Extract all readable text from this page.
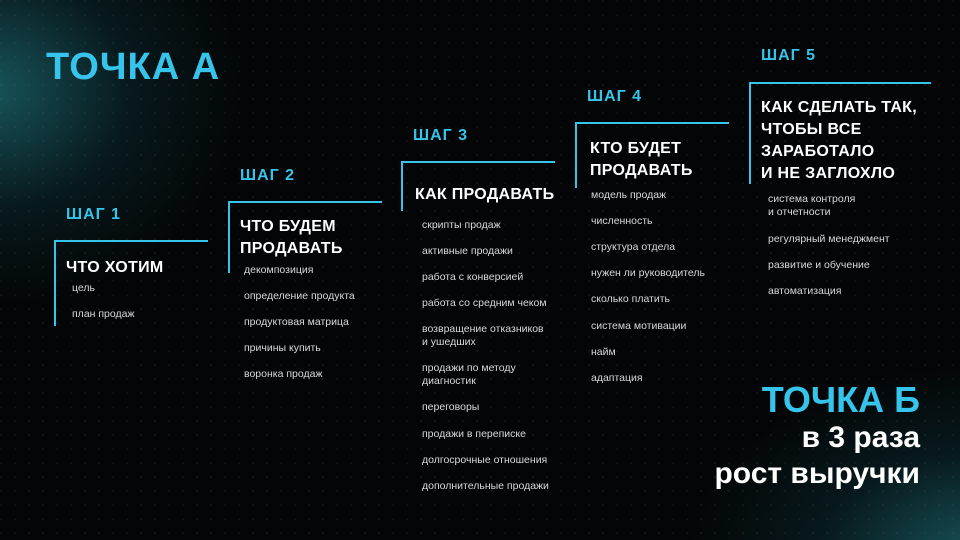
ТОЧКА А
ШАГ 1
ЧТО ХОТИМ
цель
план продаж
ШАГ 2
ЧТО БУДЕМ
ПРОДАВАТЬ
декомпозиция
определение продукта
продуктовая матрица
причины купить
воронка продаж
ШАГ 3
КАК ПРОДАВАТЬ
скрипты продаж
активные продажи
работа с конверсией
работа со средним чеком
возвращение отказников
и ушедших
продажи по методу
диагностик
переговоры
продажи в переписке
долгосрочные отношения
дополнительные продажи
ШАГ 4
КТО БУДЕТ
ПРОДАВАТЬ
модель продаж
численность
структура отдела
нужен ли руководитель
сколько платить
система мотивации
найм
адаптация
ШАГ 5
КАК СДЕЛАТЬ ТАК,
ЧТОБЫ ВСЕ
ЗАРАБОТАЛО
И НЕ ЗАГЛОХЛО
система контроля
и отчетности
регулярный менеджмент
развитие и обучение
автоматизация
ТОЧКА Б
в 3 раза
рост выручки
